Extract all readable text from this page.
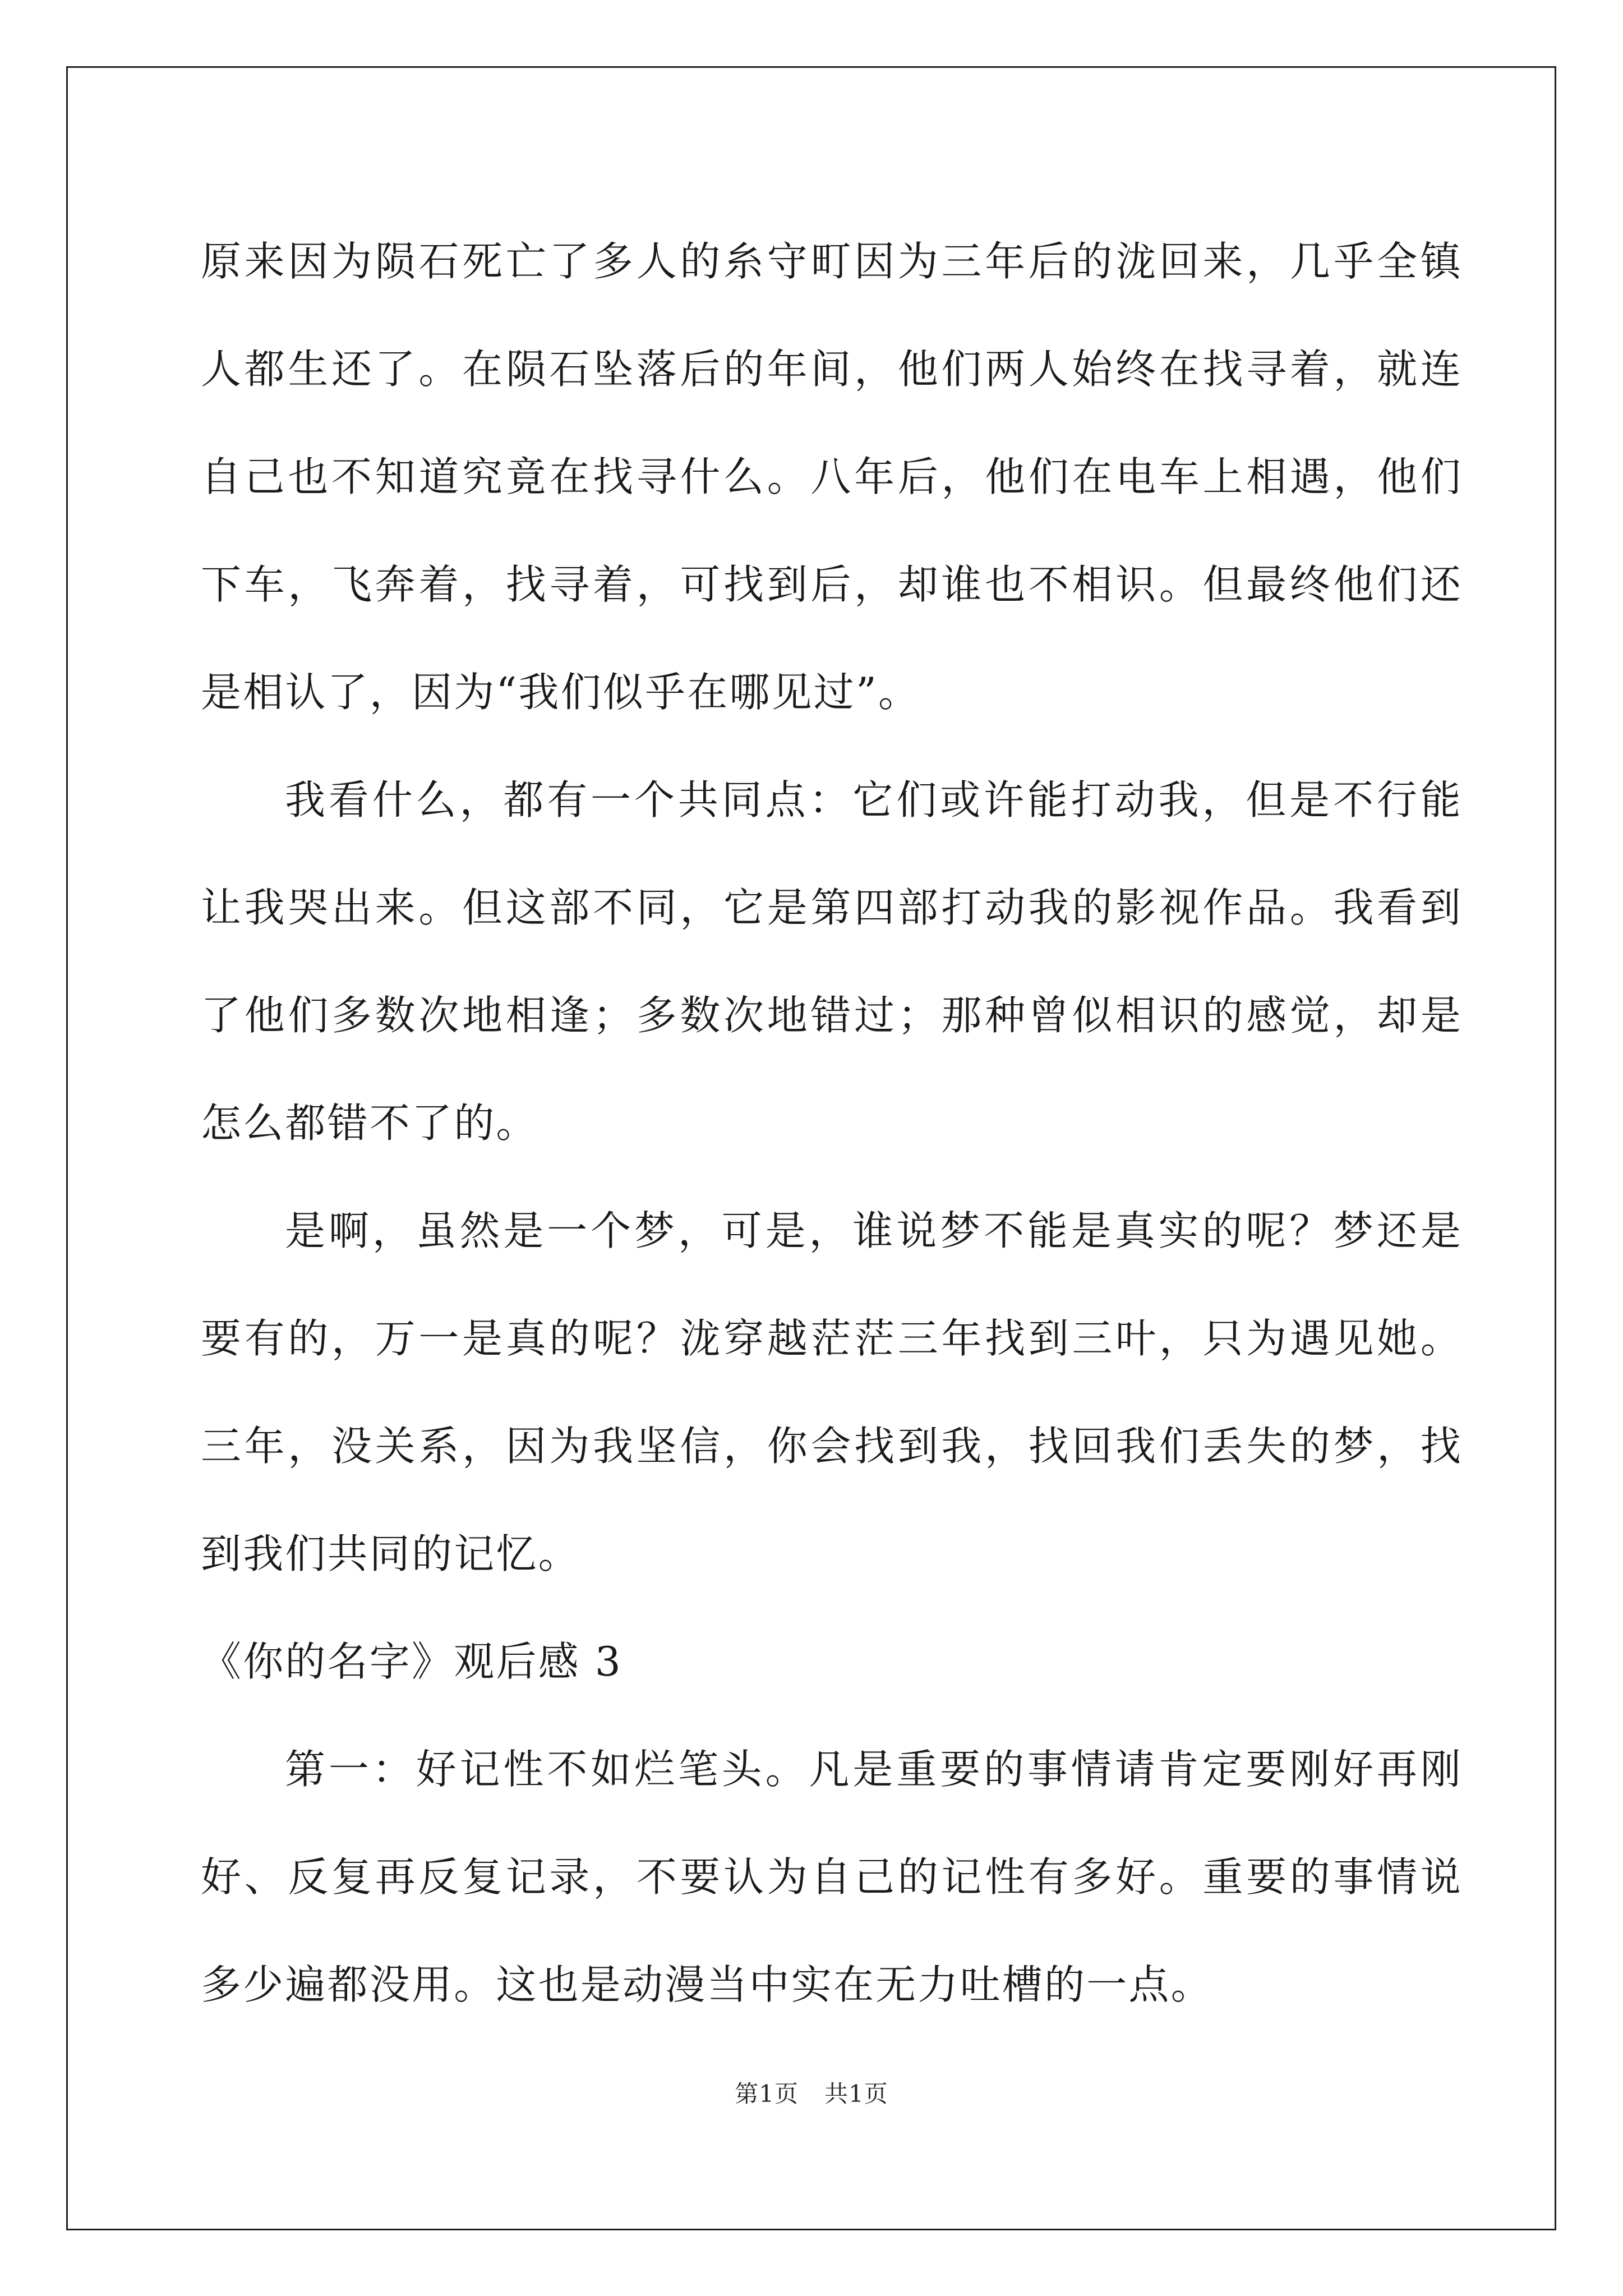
原来因为陨石死亡了多人的糸守町因为三年后的泷回来，几乎全镇人都生还了。在陨石坠落后的年间，他们两人始终在找寻着，就连自己也不知道究竟在找寻什么。八年后，他们在电车上相遇，他们下车，飞奔着，找寻着，可找到后，却谁也不相识。但最终他们还是相认了，因为“我们似乎在哪见过”。

我看什么，都有一个共同点：它们或许能打动我，但是不行能让我哭出来。但这部不同，它是第四部打动我的影视作品。我看到了他们多数次地相逢；多数次地错过；那种曾似相识的感觉，却是怎么都错不了的。

是啊，虽然是一个梦，可是，谁说梦不能是真实的呢？梦还是要有的，万一是真的呢？泷穿越茫茫三年找到三叶，只为遇见她。三年，没关系，因为我坚信，你会找到我，找回我们丢失的梦，找到我们共同的记忆。

《你的名字》观后感 3

第一：好记性不如烂笔头。凡是重要的事情请肯定要刚好再刚好、反复再反复记录，不要认为自己的记性有多好。重要的事情说多少遍都没用。这也是动漫当中实在无力吐槽的一点。

第1页 共1页
